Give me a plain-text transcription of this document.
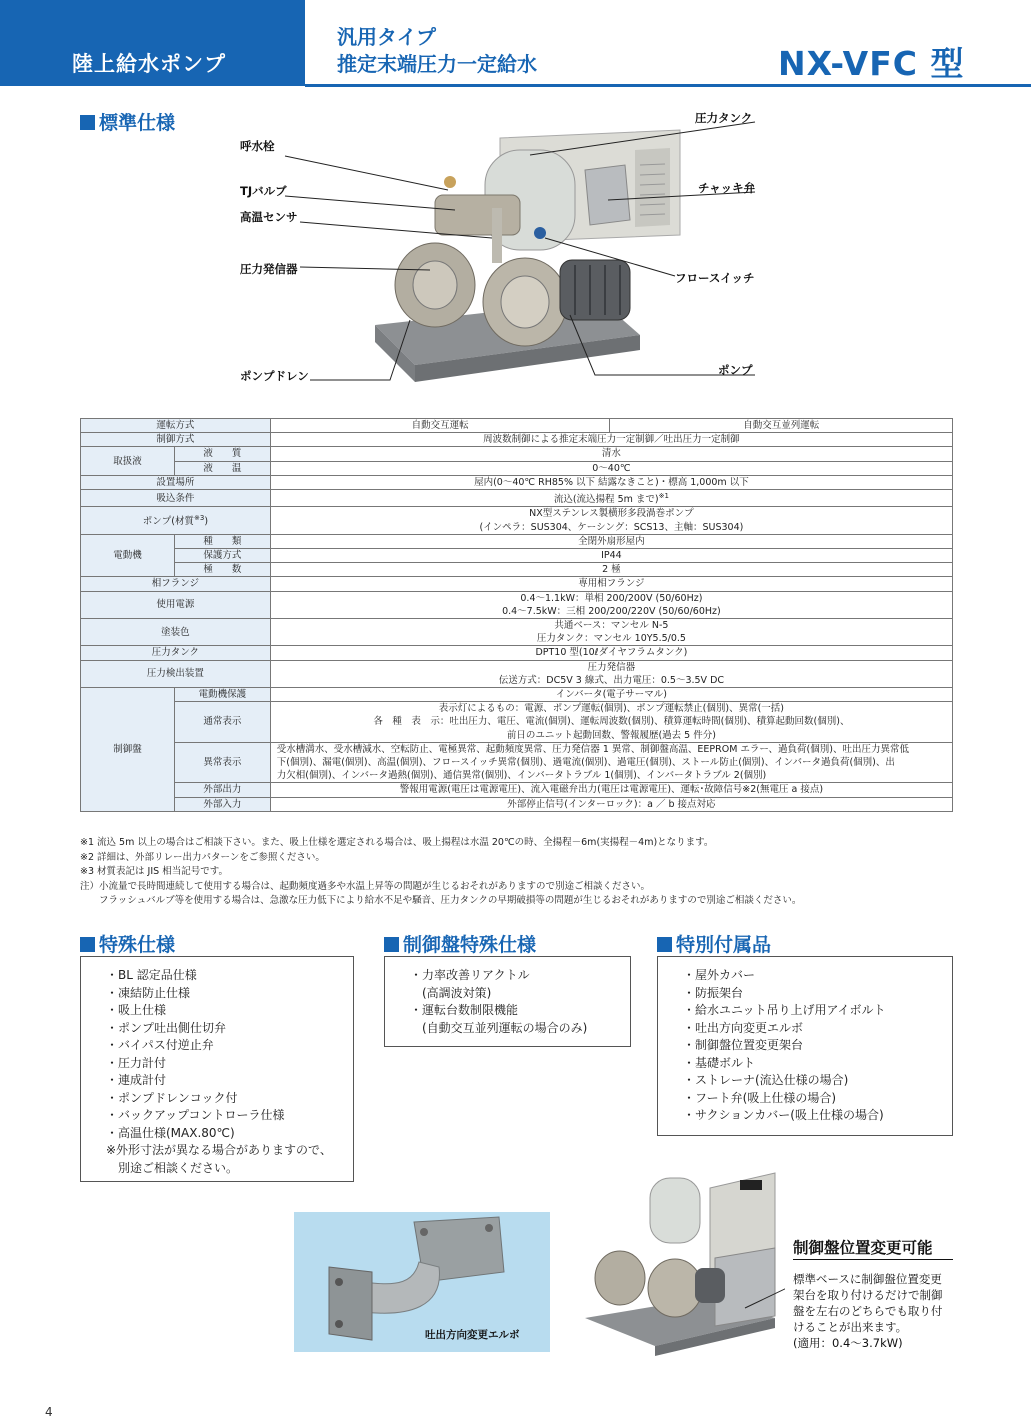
陸上給水ポンプ
汎用タイプ
推定末端圧力一定給水	NX-VFC 型
標準仕様
呼水栓
TJバルブ
高温センサ
圧力発信器
ポンプドレン
圧力タンク
チャッキ弁
フロースイッチ
ポンプ
運転方式		自動交互運転	自動交互並列運転
制御方式		周波数制御による推定末端圧力一定制御／吐出圧力一定制御	
取扱液	液　　質	清水	
	液　　温	0～40℃	
設置場所		屋内(0～40℃ RH85% 以下 結露なきこと)・標高 1,000m 以下	
吸込条件		流込(流込揚程 5m まで)$^{※1}$
ポンプ(材質$^{※3}$)		NX型ステンレス製横形多段渦巻ポンプ
(インペラ：SUS304、ケーシング：SCS13、主軸：SUS304)	

電動機	種　　類	全閉外扇形屋内	
	保護方式	IP44	
	極　　数	2 極	
相フランジ		専用相フランジ	
使用電源		0.4～1.1kW：単相 200/200V (50/60Hz)
0.4～7.5kW：三相 200/200/220V (50/60/60Hz)	

塗装色		共通ベース：マンセル N-5
圧力タンク：マンセル 10Y5.5/0.5	

圧力タンク		DPT10 型(10ℓダイヤフラムタンク)	
圧力検出装置		圧力発信器
伝送方式：DC5V 3 線式、出力電圧：0.5～3.5V DC	

制御盤	電動機保護	インバータ(電子サーマル)	
	通常表示	表示灯によるもの：電源、ポンプ運転(個別)、ポンプ運転禁止(個別)、異常(一括)
各　種　表　示：吐出圧力、電圧、電流(個別)、運転周波数(個別)、積算運転時間(個別)、積算起動回数(個別)、
前日のユニット起動回数、警報履歴(過去 5 件分)	

	異常表示	受水槽満水、受水槽減水、空転防止、電極異常、起動頻度異常、圧力発信器 1 異常、制御盤高温、EEPROM エラー、過負荷(個別)、吐出圧力異常低
下(個別)、漏電(個別)、高温(個別)、フロースイッチ異常(個別)、過電流(個別)、過電圧(個別)、ストール防止(個別)、インバータ過負荷(個別)、出
力欠相(個別)、インバータ過熱(個別)、通信異常(個別)、インバータトラブル 1(個別)、インバータトラブル 2(個別)	

	外部出力	警報用電源(電圧は電源電圧)、流入電磁弁出力(電圧は電源電圧)、運転･故障信号※2(無電圧 a 接点)	
	外部入力	外部停止信号(インターロック)：a ／ b 接点対応	
※1 流込 5m 以上の場合はご相談下さい。また、吸上仕様を選定される場合は、吸上揚程は水温 20℃の時、全揚程－6m(実揚程－4m)となります。
※2 詳細は、外部リレー出力パターンをご参照ください。
※3 材質表記は JIS 相当記号です。
注）小流量で長時間連続して使用する場合は、起動頻度過多や水温上昇等の問題が生じるおそれがありますので別途ご相談ください。
　　フラッシュバルブ等を使用する場合は、急激な圧力低下により給水不足や騒音、圧力タンクの早期破損等の問題が生じるおそれがありますので別途ご相談ください。
特殊仕様
・BL 認定品仕様
・凍結防止仕様
・吸上仕様
・ポンプ吐出側仕切弁
・バイパス付逆止弁
・圧力計付
・連成計付
・ポンプドレンコック付
・バックアップコントローラ仕様
・高温仕様(MAX.80℃)
※外形寸法が異なる場合がありますので、
　別途ご相談ください。
制御盤特殊仕様
・力率改善リアクトル
　(高調波対策)
・運転台数制限機能
　(自動交互並列運転の場合のみ)
特別付属品
・屋外カバー
・防振架台
・給水ユニット吊り上げ用アイボルト
・吐出方向変更エルボ
・制御盤位置変更架台
・基礎ボルト
・ストレーナ(流込仕様の場合)
・フート弁(吸上仕様の場合)
・サクションカバー(吸上仕様の場合)
吐出方向変更エルボ
制御盤位置変更可能
標準ベースに制御盤位置変更
架台を取り付けるだけで制御
盤を左右のどちらでも取り付
けることが出来ます。
(適用：0.4～3.7kW)
4
